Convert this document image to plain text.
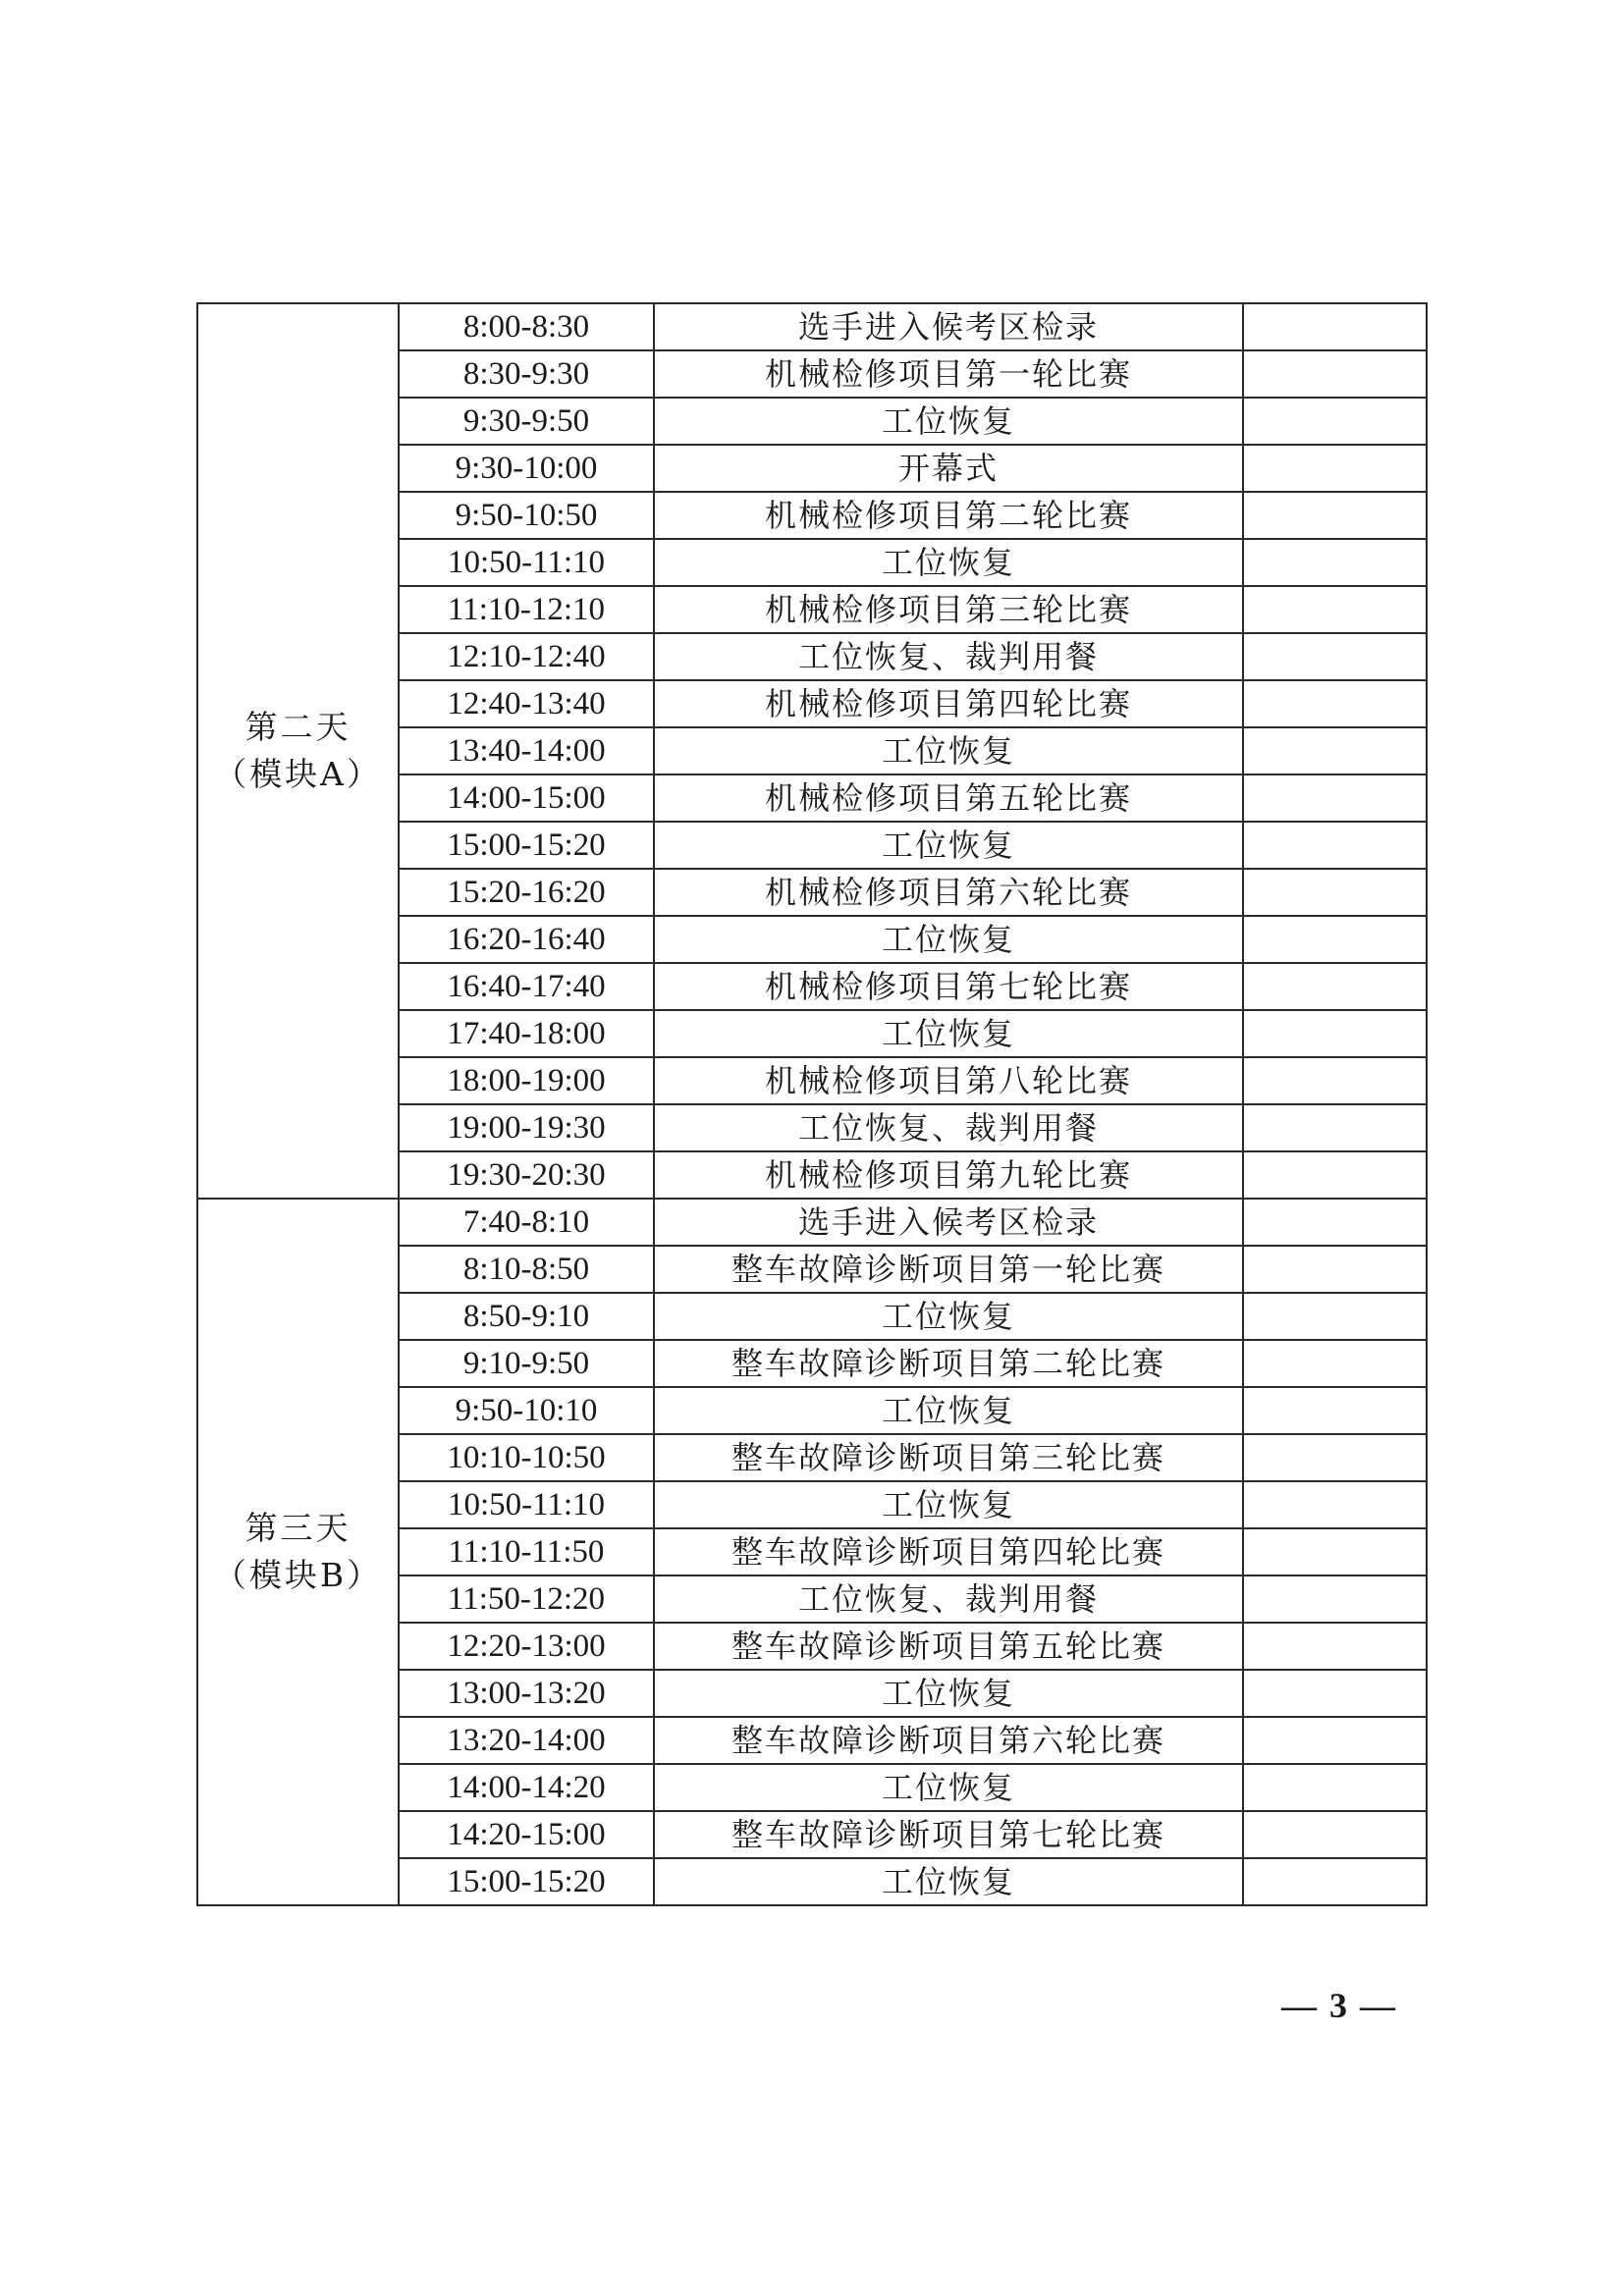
第二天
（模块A）	8:00-8:30	选手进入候考区检录	
	8:30-9:30	机械检修项目第一轮比赛	
	9:30-9:50	工位恢复	
	9:30-10:00	开幕式	
	9:50-10:50	机械检修项目第二轮比赛	
	10:50-11:10	工位恢复	
	11:10-12:10	机械检修项目第三轮比赛	
	12:10-12:40	工位恢复、裁判用餐	
	12:40-13:40	机械检修项目第四轮比赛	
	13:40-14:00	工位恢复	
	14:00-15:00	机械检修项目第五轮比赛	
	15:00-15:20	工位恢复	
	15:20-16:20	机械检修项目第六轮比赛	
	16:20-16:40	工位恢复	
	16:40-17:40	机械检修项目第七轮比赛	
	17:40-18:00	工位恢复	
	18:00-19:00	机械检修项目第八轮比赛	
	19:00-19:30	工位恢复、裁判用餐	
	19:30-20:30	机械检修项目第九轮比赛	

第三天
（模块B）	7:40-8:10	选手进入候考区检录	
	8:10-8:50	整车故障诊断项目第一轮比赛	
	8:50-9:10	工位恢复	
	9:10-9:50	整车故障诊断项目第二轮比赛	
	9:50-10:10	工位恢复	
	10:10-10:50	整车故障诊断项目第三轮比赛	
	10:50-11:10	工位恢复	
	11:10-11:50	整车故障诊断项目第四轮比赛	
	11:50-12:20	工位恢复、裁判用餐	
	12:20-13:00	整车故障诊断项目第五轮比赛	
	13:00-13:20	工位恢复	
	13:20-14:00	整车故障诊断项目第六轮比赛	
	14:00-14:20	工位恢复	
	14:20-15:00	整车故障诊断项目第七轮比赛	
	15:00-15:20	工位恢复	
— 3 —
